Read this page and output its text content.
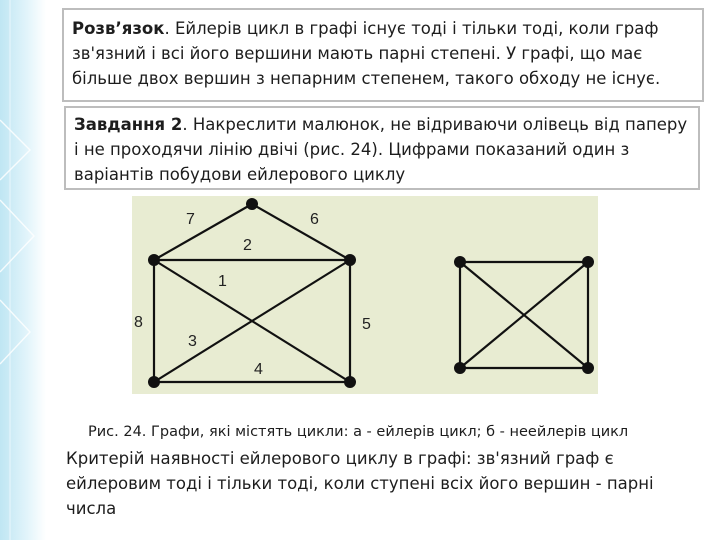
Розв’язок. Ейлерів цикл в графі існує тоді і тільки тоді, коли граф зв'язний і всі його вершини мають парні степені. У графі, що має більше двох вершин з непарним степенем, такого обходу не існує.
Завдання 2. Накреслити малюнок, не відриваючи олівець від паперу і не проходячи лінію двічі (рис. 24). Цифрами показаний один з варіантів побудови ейлерового циклу
7	6
2
1
8	5
3
4
Рис. 24. Графи, які містять цикли: а - ейлерів цикл; б - неейлерів цикл
Критерій наявності ейлерового циклу в графі: зв'язний граф є ейлеровим тоді і тільки тоді, коли ступені всіх його вершин - парні числа
